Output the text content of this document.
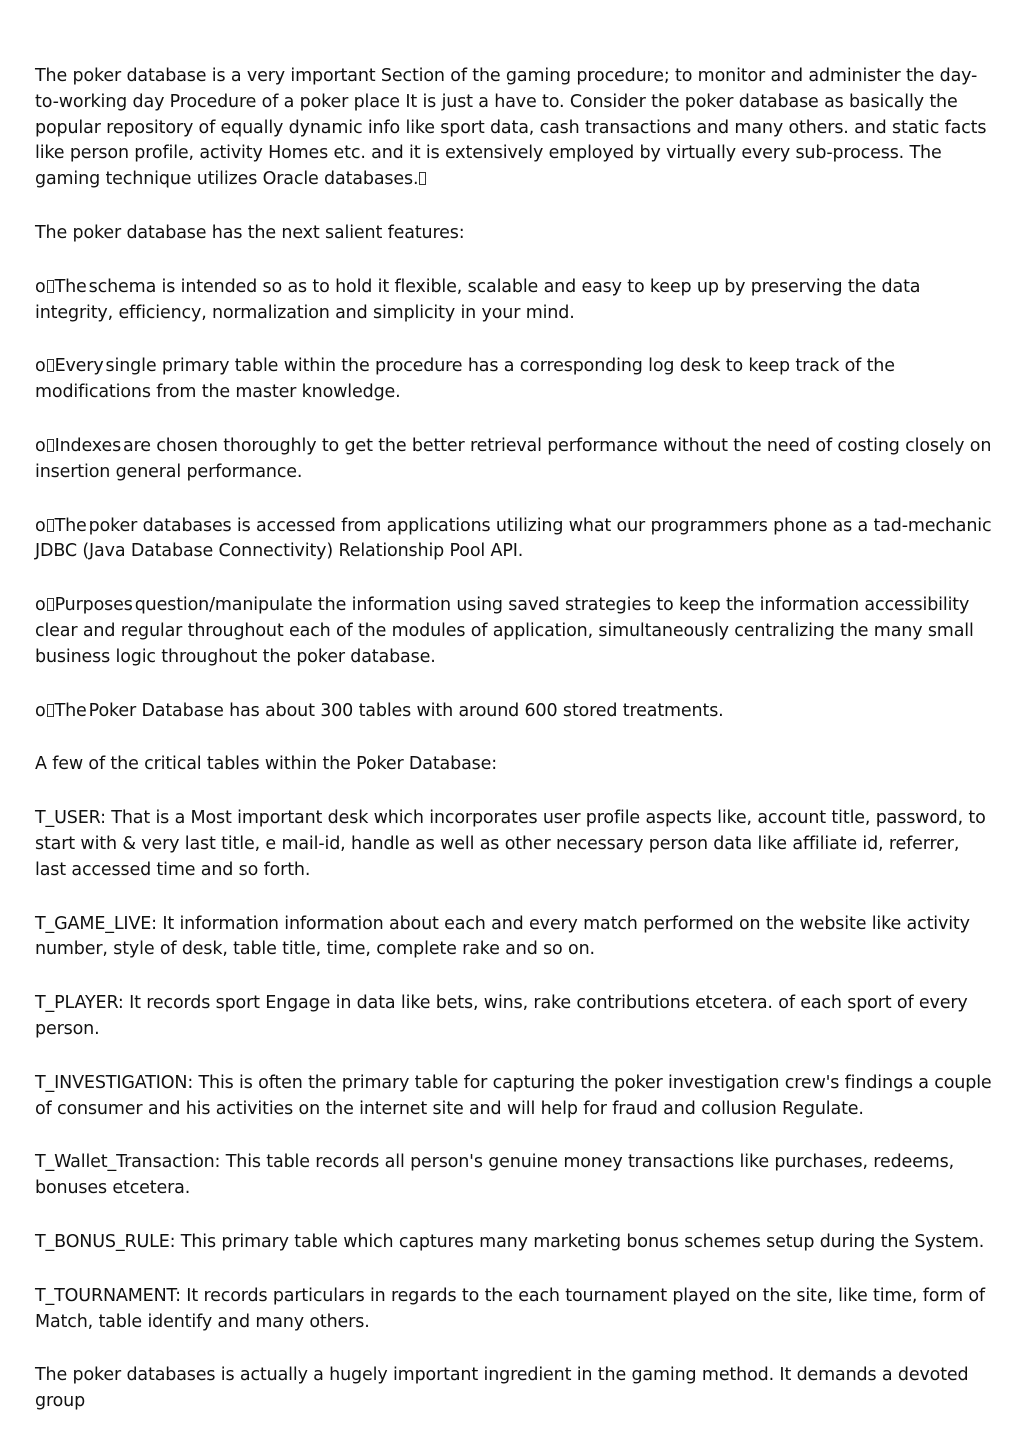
The poker database is a very important Section of the gaming procedure; to monitor and administer the day-to-working day Procedure of a poker place It is just a have to. Consider the poker database as basically the popular repository of equally dynamic info like sport data, cash transactions and many others. and static facts like person profile, activity Homes etc. and it is extensively employed by virtually every sub-process. The gaming technique utilizes Oracle databases.

The poker database has the next salient features:

o The schema is intended so as to hold it flexible, scalable and easy to keep up by preserving the data integrity, efficiency, normalization and simplicity in your mind.

o Every single primary table within the procedure has a corresponding log desk to keep track of the modifications from the master knowledge.

o Indexes are chosen thoroughly to get the better retrieval performance without the need of costing closely on insertion general performance.

o The poker databases is accessed from applications utilizing what our programmers phone as a tad-mechanic JDBC (Java Database Connectivity) Relationship Pool API.

o Purposes question/manipulate the information using saved strategies to keep the information accessibility clear and regular throughout each of the modules of application, simultaneously centralizing the many small business logic throughout the poker database.

o The Poker Database has about 300 tables with around 600 stored treatments.

A few of the critical tables within the Poker Database:

T_USER: That is a Most important desk which incorporates user profile aspects like, account title, password, to start with & very last title, e mail-id, handle as well as other necessary person data like affiliate id, referrer, last accessed time and so forth.

T_GAME_LIVE: It information information about each and every match performed on the website like activity number, style of desk, table title, time, complete rake and so on.

T_PLAYER: It records sport Engage in data like bets, wins, rake contributions etcetera. of each sport of every person.

T_INVESTIGATION: This is often the primary table for capturing the poker investigation crew's findings a couple of consumer and his activities on the internet site and will help for fraud and collusion Regulate.

T_Wallet_Transaction: This table records all person's genuine money transactions like purchases, redeems, bonuses etcetera.

T_BONUS_RULE: This primary table which captures many marketing bonus schemes setup during the System.

T_TOURNAMENT: It records particulars in regards to the each tournament played on the site, like time, form of Match, table identify and many others.

The poker databases is actually a hugely important ingredient in the gaming method. It demands a devoted group
